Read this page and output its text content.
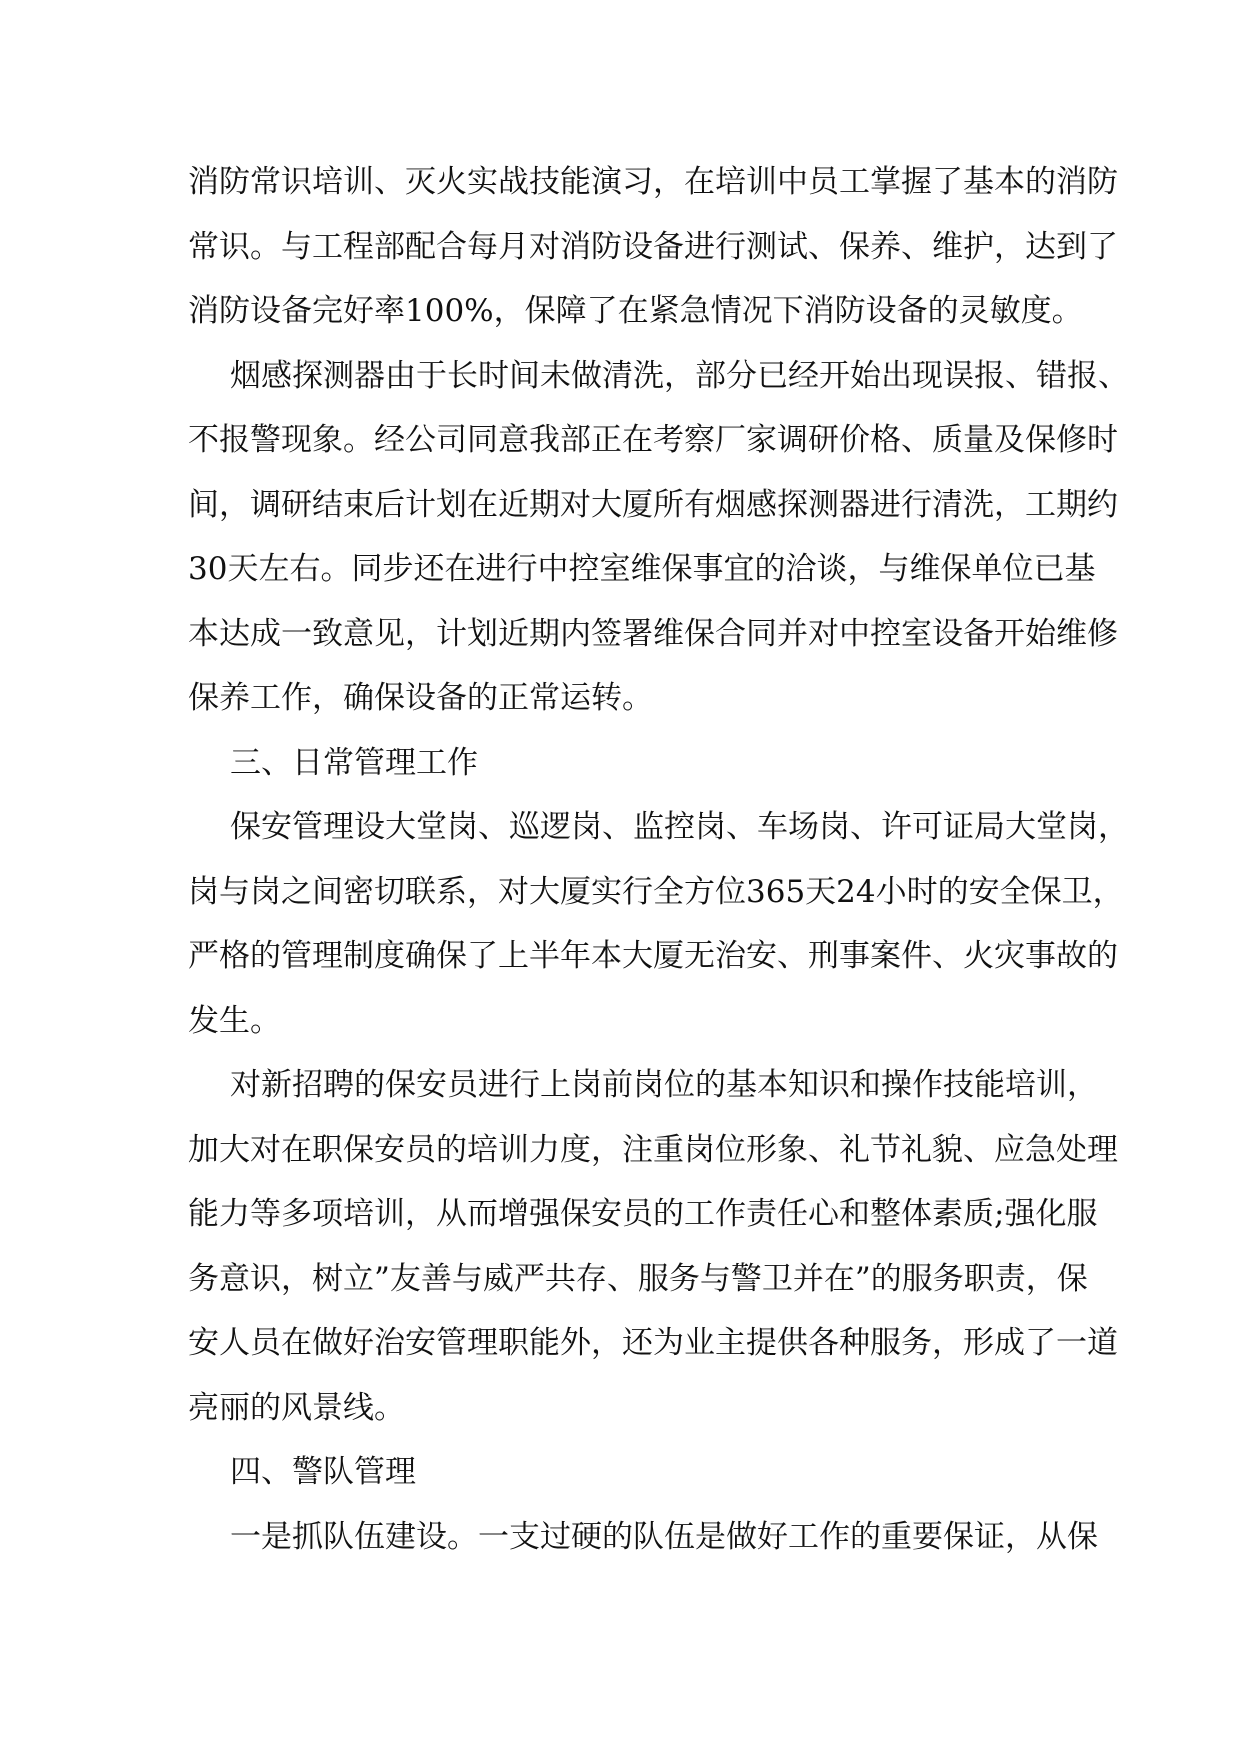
消防常识培训、灭火实战技能演习，在培训中员工掌握了基本的消防
常识。与工程部配合每月对消防设备进行测试、保养、维护，达到了
消防设备完好率100%，保障了在紧急情况下消防设备的灵敏度。
烟感探测器由于长时间未做清洗，部分已经开始出现误报、错报、
不报警现象。经公司同意我部正在考察厂家调研价格、质量及保修时
间，调研结束后计划在近期对大厦所有烟感探测器进行清洗，工期约
30天左右。同步还在进行中控室维保事宜的洽谈，与维保单位已基
本达成一致意见，计划近期内签署维保合同并对中控室设备开始维修
保养工作，确保设备的正常运转。
三、日常管理工作
保安管理设大堂岗、巡逻岗、监控岗、车场岗、许可证局大堂岗，
岗与岗之间密切联系，对大厦实行全方位365天24小时的安全保卫，
严格的管理制度确保了上半年本大厦无治安、刑事案件、火灾事故的
发生。
对新招聘的保安员进行上岗前岗位的基本知识和操作技能培训，
加大对在职保安员的培训力度，注重岗位形象、礼节礼貌、应急处理
能力等多项培训，从而增强保安员的工作责任心和整体素质;强化服
务意识，树立”友善与威严共存、服务与警卫并在”的服务职责，保
安人员在做好治安管理职能外，还为业主提供各种服务，形成了一道
亮丽的风景线。
四、警队管理
一是抓队伍建设。一支过硬的队伍是做好工作的重要保证，从保
